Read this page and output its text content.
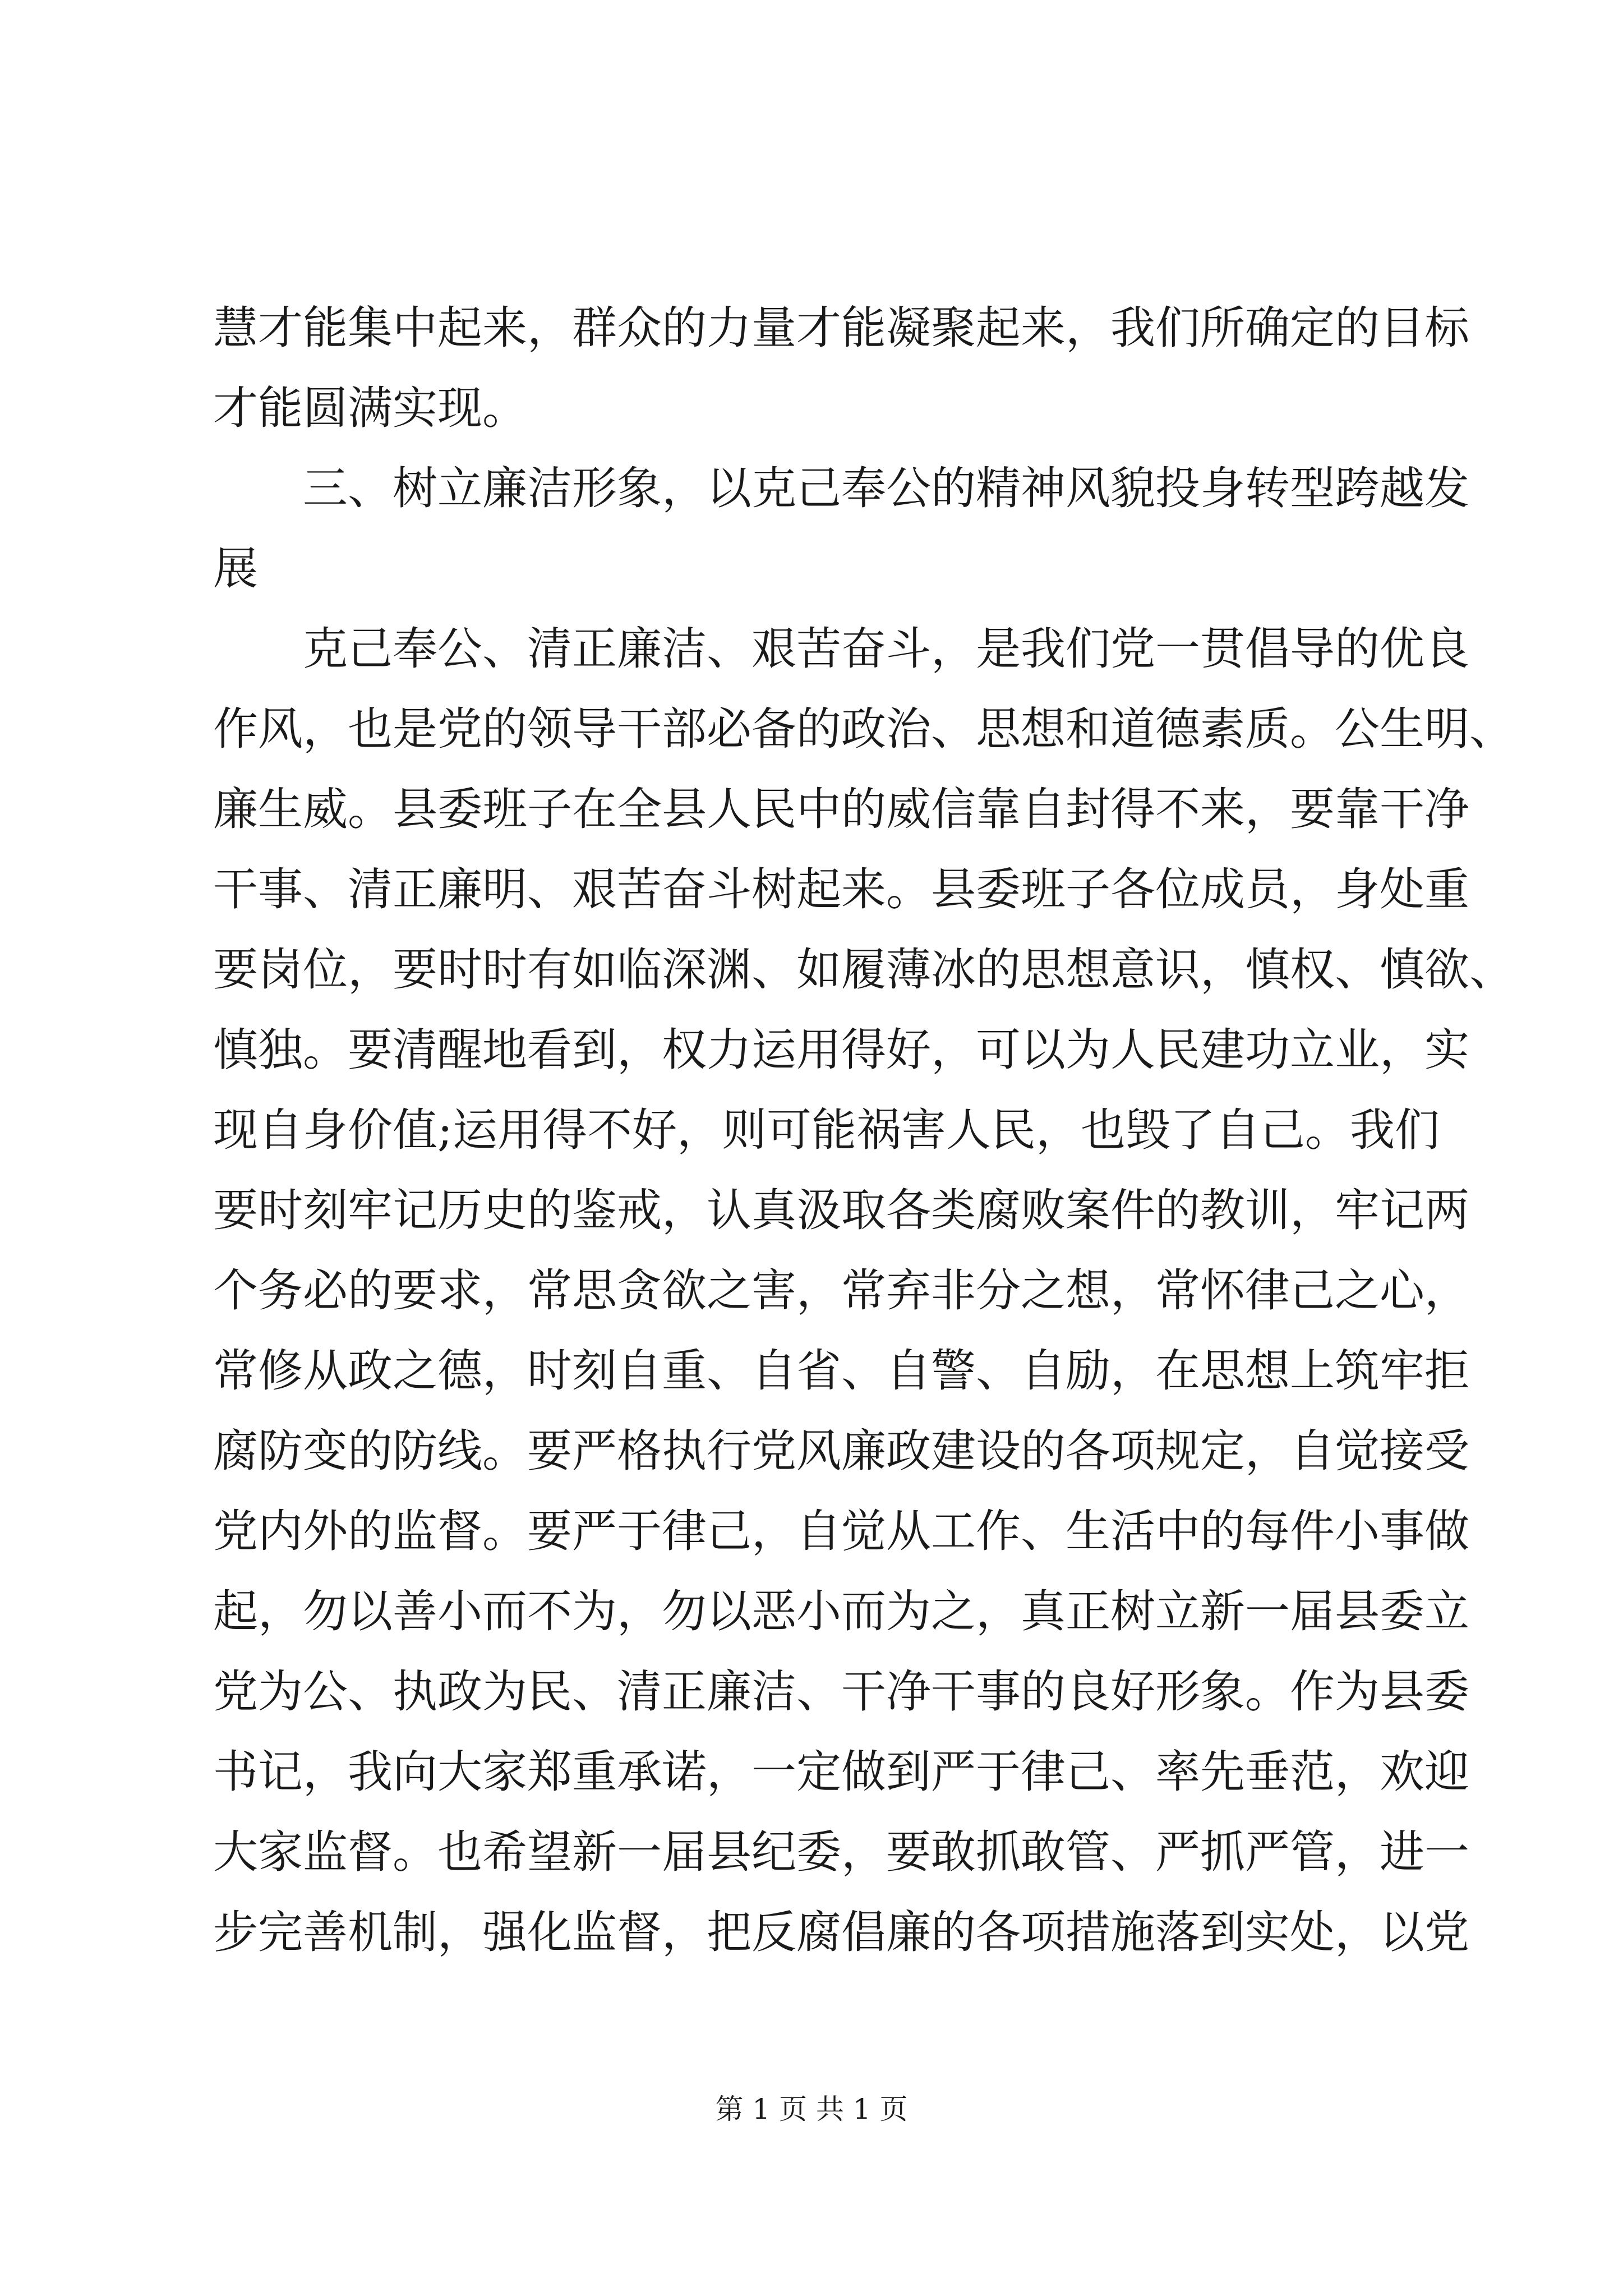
慧才能集中起来，群众的力量才能凝聚起来，我们所确定的目标
才能圆满实现。
三、树立廉洁形象，以克己奉公的精神风貌投身转型跨越发
展
克己奉公、清正廉洁、艰苦奋斗，是我们党一贯倡导的优良
作风，也是党的领导干部必备的政治、思想和道德素质。公生明、
廉生威。县委班子在全县人民中的威信靠自封得不来，要靠干净
干事、清正廉明、艰苦奋斗树起来。县委班子各位成员，身处重
要岗位，要时时有如临深渊、如履薄冰的思想意识，慎权、慎欲、
慎独。要清醒地看到，权力运用得好，可以为人民建功立业，实
现自身价值;运用得不好，则可能祸害人民，也毁了自己。我们
要时刻牢记历史的鉴戒，认真汲取各类腐败案件的教训，牢记两
个务必的要求，常思贪欲之害，常弃非分之想，常怀律己之心，
常修从政之德，时刻自重、自省、自警、自励，在思想上筑牢拒
腐防变的防线。要严格执行党风廉政建设的各项规定，自觉接受
党内外的监督。要严于律己，自觉从工作、生活中的每件小事做
起，勿以善小而不为，勿以恶小而为之，真正树立新一届县委立
党为公、执政为民、清正廉洁、干净干事的良好形象。作为县委
书记，我向大家郑重承诺，一定做到严于律己、率先垂范，欢迎
大家监督。也希望新一届县纪委，要敢抓敢管、严抓严管，进一
步完善机制，强化监督，把反腐倡廉的各项措施落到实处，以党
第 1 页 共 1 页
